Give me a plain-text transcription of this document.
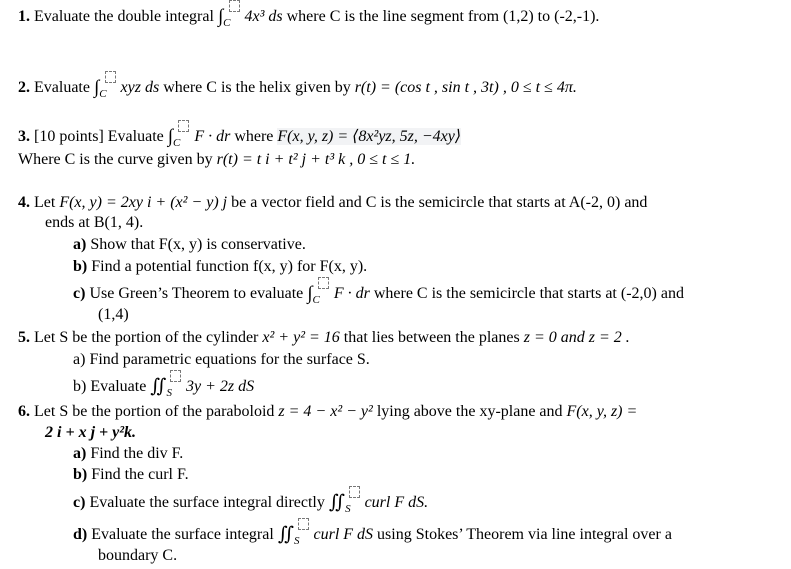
1. Evaluate the double integral $\int_C$ 4x³ ds where C is the line segment from (1,2) to (-2,-1).
2. Evaluate $\int_C$ xyz ds where C is the helix given by r(t) = (cos t , sin t , 3t) , 0 ≤ t ≤ 4π.
3. [10 points] Evaluate $\int_C$ F · dr where F(x, y, z) = ⟨8x²yz, 5z, −4xy⟩
Where C is the curve given by r(t) = t i + t² j + t³ k , 0 ≤ t ≤ 1.
4. Let F(x, y) = 2xy i + (x² − y) j be a vector field and C is the semicircle that starts at A(-2, 0) and
ends at B(1, 4).
a) Show that F(x, y) is conservative.
b) Find a potential function f(x, y) for F(x, y).
c) Use Green’s Theorem to evaluate $\int_C$ F · dr where C is the semicircle that starts at (-2,0) and
(1,4)
5. Let S be the portion of the cylinder x² + y² = 16 that lies between the planes z = 0 and z = 2 .
a) Find parametric equations for the surface S.
b) Evaluate $∬_S$ 3y + 2z dS
6. Let S be the portion of the paraboloid z = 4 − x² − y² lying above the xy-plane and F(x, y, z) =
2 i + x j + y²k.
a) Find the div F.
b) Find the curl F.
c) Evaluate the surface integral directly $∬_S$ curl F dS.
d) Evaluate the surface integral $∬_S$ curl F dS using Stokes’ Theorem via line integral over a
boundary C.
